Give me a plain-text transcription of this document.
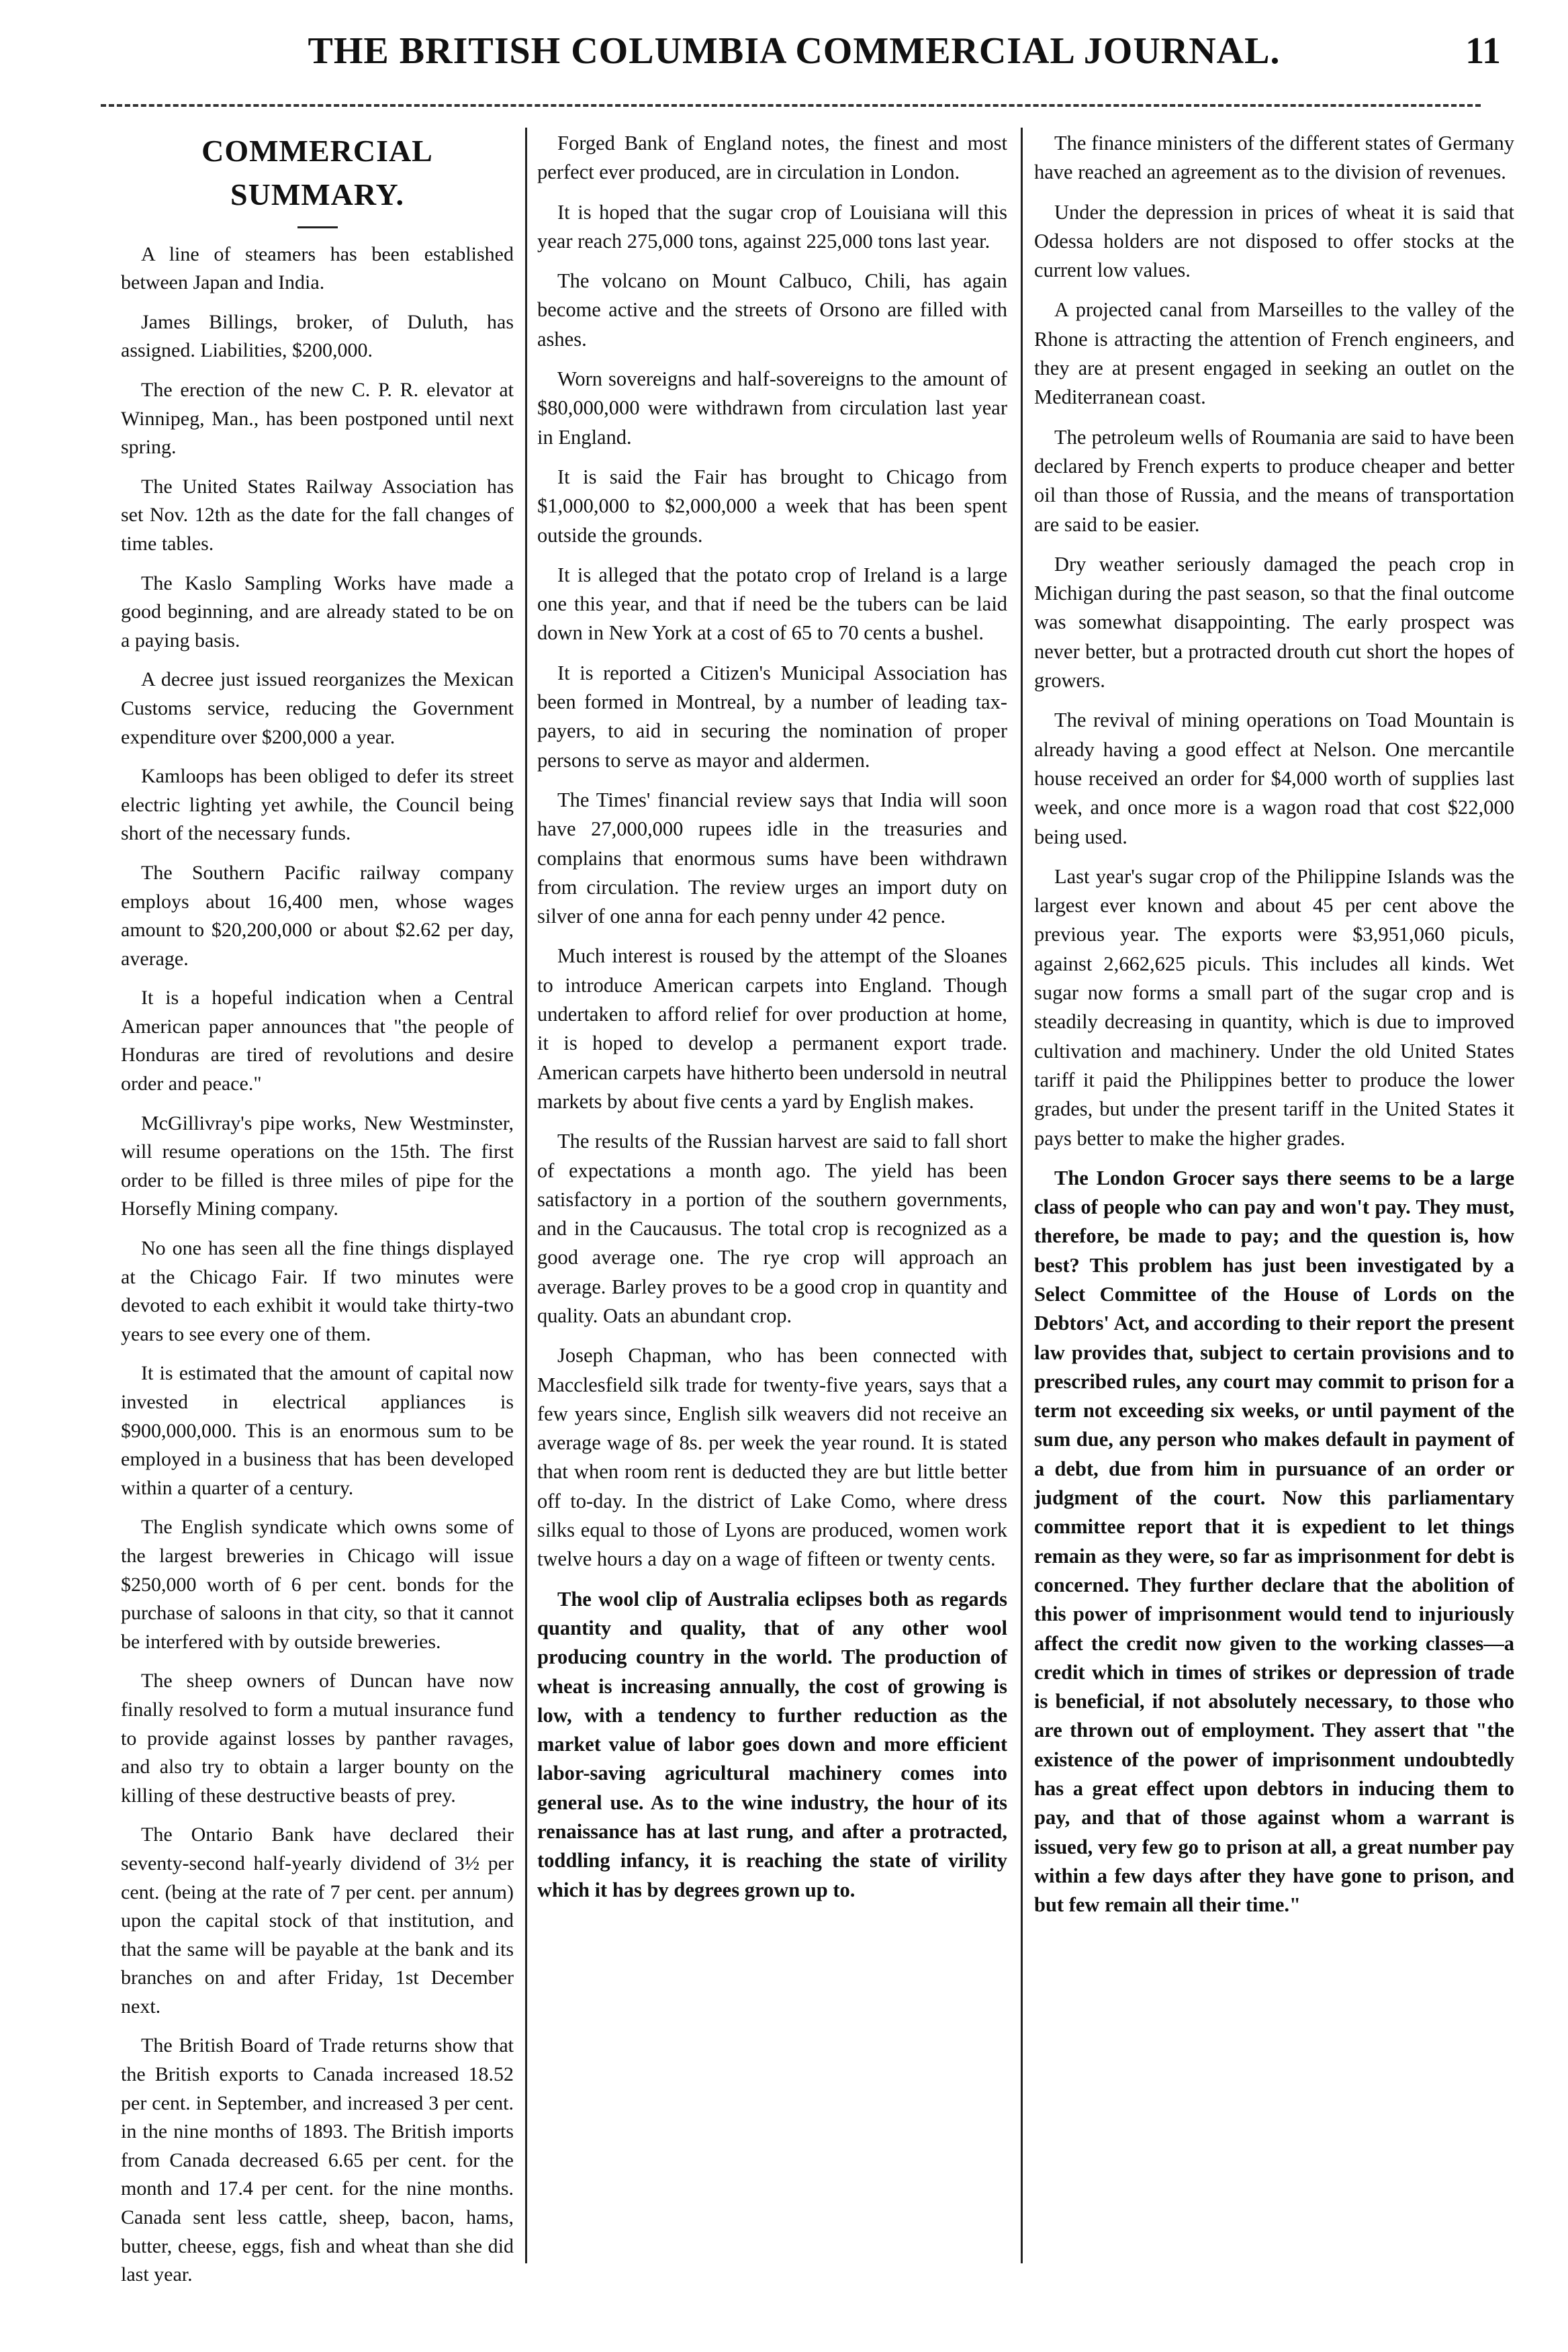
THE BRITISH COLUMBIA COMMERCIAL JOURNAL.	11
COMMERCIAL SUMMARY.

A line of steamers has been established between Japan and India.

James Billings, broker, of Duluth, has assigned. Liabilities, $200,000.

The erection of the new C. P. R. elevator at Winnipeg, Man., has been postponed until next spring.

The United States Railway Association has set Nov. 12th as the date for the fall changes of time tables.

The Kaslo Sampling Works have made a good beginning, and are already stated to be on a paying basis.

A decree just issued reorganizes the Mexican Customs service, reducing the Government expenditure over $200,000 a year.

Kamloops has been obliged to defer its street electric lighting yet awhile, the Council being short of the necessary funds.

The Southern Pacific railway company employs about 16,400 men, whose wages amount to $20,200,000 or about $2.62 per day, average.

It is a hopeful indication when a Central American paper announces that "the people of Honduras are tired of revolutions and desire order and peace."

McGillivray's pipe works, New Westminster, will resume operations on the 15th. The first order to be filled is three miles of pipe for the Horsefly Mining company.

No one has seen all the fine things displayed at the Chicago Fair. If two minutes were devoted to each exhibit it would take thirty-two years to see every one of them.

It is estimated that the amount of capital now invested in electrical appliances is $900,000,000. This is an enormous sum to be employed in a business that has been developed within a quarter of a century.

The English syndicate which owns some of the largest breweries in Chicago will issue $250,000 worth of 6 per cent. bonds for the purchase of saloons in that city, so that it cannot be interfered with by outside breweries.

The sheep owners of Duncan have now finally resolved to form a mutual insurance fund to provide against losses by panther ravages, and also try to obtain a larger bounty on the killing of these destructive beasts of prey.

The Ontario Bank have declared their seventy-second half-yearly dividend of 3½ per cent. (being at the rate of 7 per cent. per annum) upon the capital stock of that institution, and that the same will be payable at the bank and its branches on and after Friday, 1st December next.

The British Board of Trade returns show that the British exports to Canada increased 18.52 per cent. in September, and increased 3 per cent. in the nine months of 1893. The British imports from Canada decreased 6.65 per cent. for the month and 17.4 per cent. for the nine months. Canada sent less cattle, sheep, bacon, hams, butter, cheese, eggs, fish and wheat than she did last year.

Forged Bank of England notes, the finest and most perfect ever produced, are in circulation in London.

It is hoped that the sugar crop of Louisiana will this year reach 275,000 tons, against 225,000 tons last year.

The volcano on Mount Calbuco, Chili, has again become active and the streets of Orsono are filled with ashes.

Worn sovereigns and half-sovereigns to the amount of $80,000,000 were withdrawn from circulation last year in England.

It is said the Fair has brought to Chicago from $1,000,000 to $2,000,000 a week that has been spent outside the grounds.

It is alleged that the potato crop of Ireland is a large one this year, and that if need be the tubers can be laid down in New York at a cost of 65 to 70 cents a bushel.

It is reported a Citizen's Municipal Association has been formed in Montreal, by a number of leading tax-payers, to aid in securing the nomination of proper persons to serve as mayor and aldermen.

The Times' financial review says that India will soon have 27,000,000 rupees idle in the treasuries and complains that enormous sums have been withdrawn from circulation. The review urges an import duty on silver of one anna for each penny under 42 pence.

Much interest is roused by the attempt of the Sloanes to introduce American carpets into England. Though undertaken to afford relief for over production at home, it is hoped to develop a permanent export trade. American carpets have hitherto been undersold in neutral markets by about five cents a yard by English makes.

The results of the Russian harvest are said to fall short of expectations a month ago. The yield has been satisfactory in a portion of the southern governments, and in the Caucausus. The total crop is recognized as a good average one. The rye crop will approach an average. Barley proves to be a good crop in quantity and quality. Oats an abundant crop.

Joseph Chapman, who has been connected with Macclesfield silk trade for twenty-five years, says that a few years since, English silk weavers did not receive an average wage of 8s. per week the year round. It is stated that when room rent is deducted they are but little better off to-day. In the district of Lake Como, where dress silks equal to those of Lyons are produced, women work twelve hours a day on a wage of fifteen or twenty cents.

The wool clip of Australia eclipses both as regards quantity and quality, that of any other wool producing country in the world. The production of wheat is increasing annually, the cost of growing is low, with a tendency to further reduction as the market value of labor goes down and more efficient labor-saving agricultural machinery comes into general use. As to the wine industry, the hour of its renaissance has at last rung, and after a protracted, toddling infancy, it is reaching the state of virility which it has by degrees grown up to.

The finance ministers of the different states of Germany have reached an agreement as to the division of revenues.

Under the depression in prices of wheat it is said that Odessa holders are not disposed to offer stocks at the current low values.

A projected canal from Marseilles to the valley of the Rhone is attracting the attention of French engineers, and they are at present engaged in seeking an outlet on the Mediterranean coast.

The petroleum wells of Roumania are said to have been declared by French experts to produce cheaper and better oil than those of Russia, and the means of transportation are said to be easier.

Dry weather seriously damaged the peach crop in Michigan during the past season, so that the final outcome was somewhat disappointing. The early prospect was never better, but a protracted drouth cut short the hopes of growers.

The revival of mining operations on Toad Mountain is already having a good effect at Nelson. One mercantile house received an order for $4,000 worth of supplies last week, and once more is a wagon road that cost $22,000 being used.

Last year's sugar crop of the Philippine Islands was the largest ever known and about 45 per cent above the previous year. The exports were $3,951,060 piculs, against 2,662,625 piculs. This includes all kinds. Wet sugar now forms a small part of the sugar crop and is steadily decreasing in quantity, which is due to improved cultivation and machinery. Under the old United States tariff it paid the Philippines better to produce the lower grades, but under the present tariff in the United States it pays better to make the higher grades.

The London Grocer says there seems to be a large class of people who can pay and won't pay. They must, therefore, be made to pay; and the question is, how best? This problem has just been investigated by a Select Committee of the House of Lords on the Debtors' Act, and according to their report the present law provides that, subject to certain provisions and to prescribed rules, any court may commit to prison for a term not exceeding six weeks, or until payment of the sum due, any person who makes default in payment of a debt, due from him in pursuance of an order or judgment of the court. Now this parliamentary committee report that it is expedient to let things remain as they were, so far as imprisonment for debt is concerned. They further declare that the abolition of this power of imprisonment would tend to injuriously affect the credit now given to the working classes—a credit which in times of strikes or depression of trade is beneficial, if not absolutely necessary, to those who are thrown out of employment. They assert that "the existence of the power of imprisonment undoubtedly has a great effect upon debtors in inducing them to pay, and that of those against whom a warrant is issued, very few go to prison at all, a great number pay within a few days after they have gone to prison, and but few remain all their time."
